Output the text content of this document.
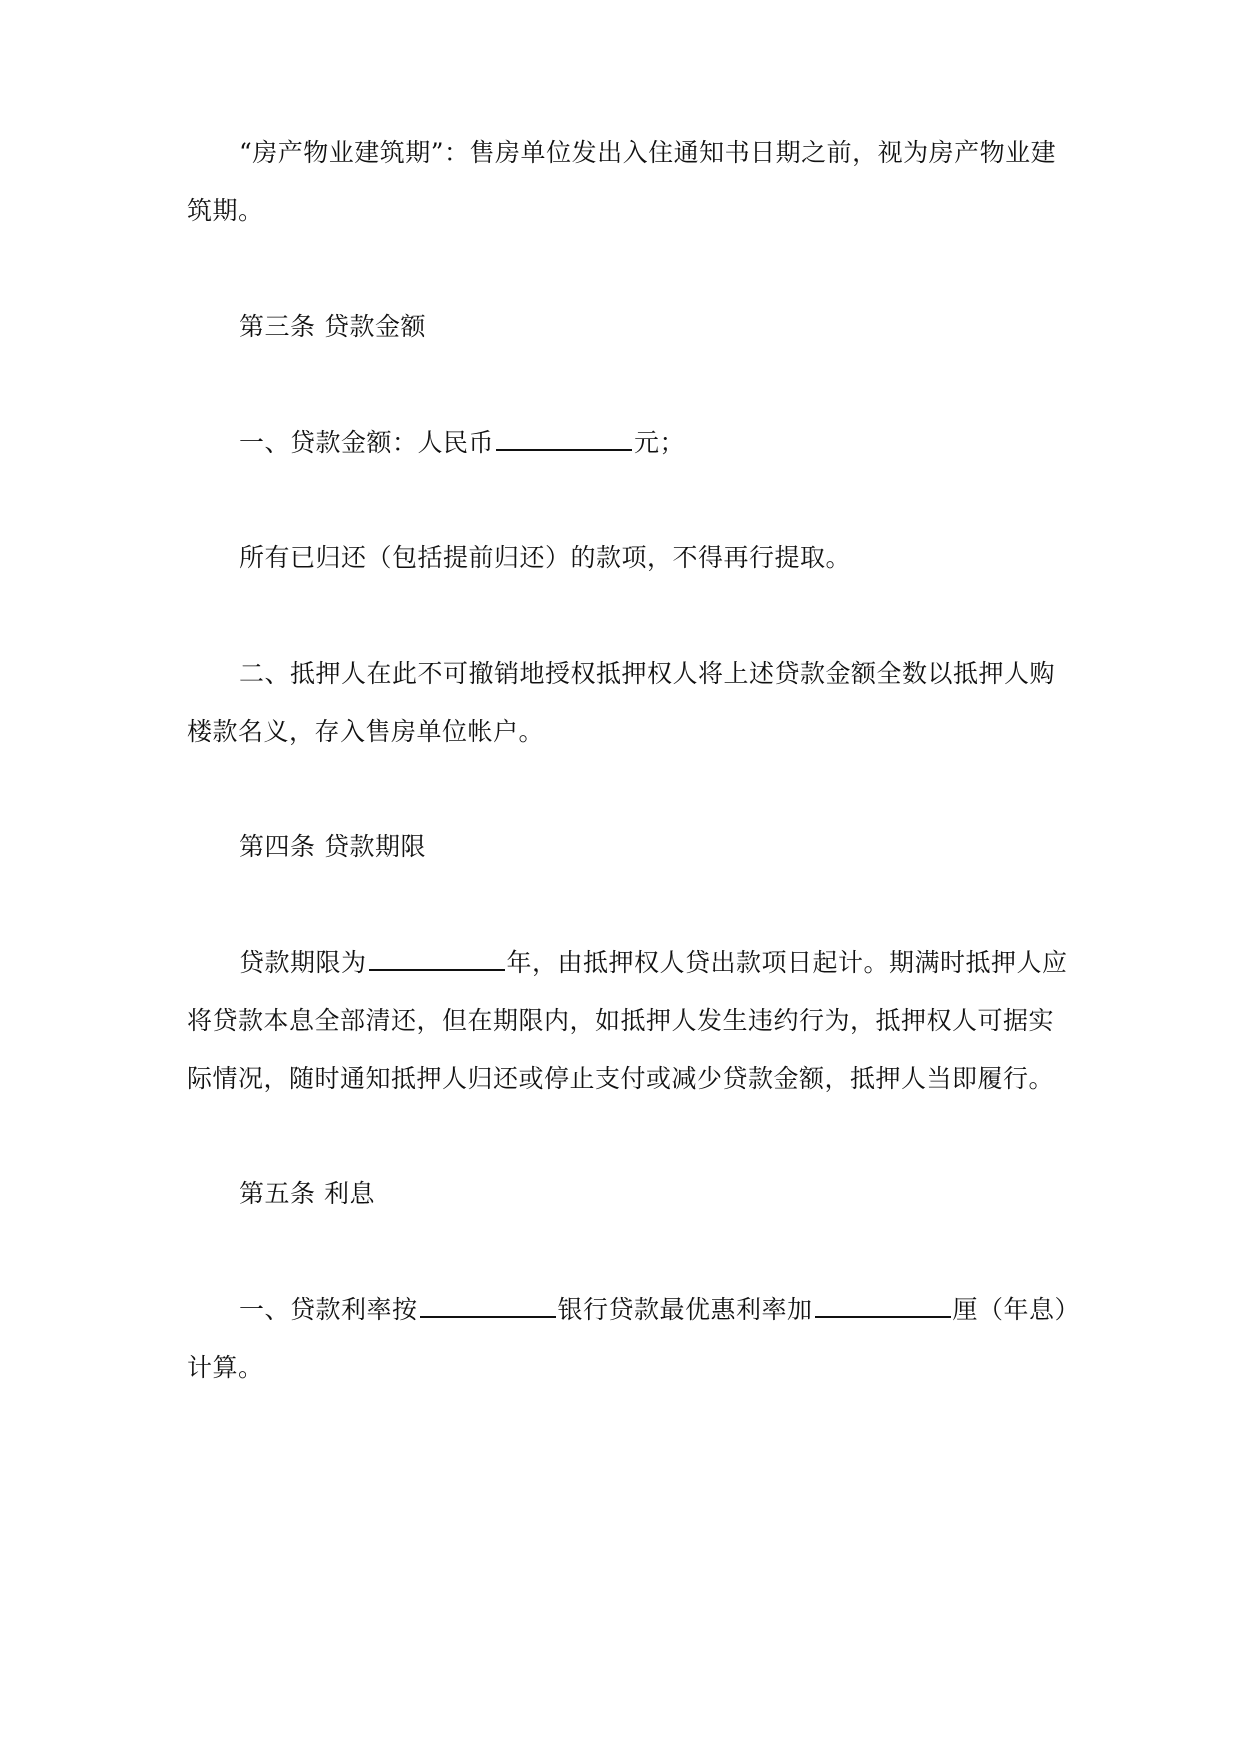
“房产物业建筑期”：售房单位发出入住通知书日期之前，视为房产物业建
筑期。
第三条 贷款金额
一、贷款金额：人民币	元；
所有已归还（包括提前归还）的款项，不得再行提取。
二、抵押人在此不可撤销地授权抵押权人将上述贷款金额全数以抵押人购
楼款名义，存入售房单位帐户。
第四条 贷款期限
贷款期限为	年，由抵押权人贷出款项日起计。期满时抵押人应
将贷款本息全部清还，但在期限内，如抵押人发生违约行为，抵押权人可据实
际情况，随时通知抵押人归还或停止支付或减少贷款金额，抵押人当即履行。
第五条 利息
一、贷款利率按	银行贷款最优惠利率加	厘（年息）
计算。
